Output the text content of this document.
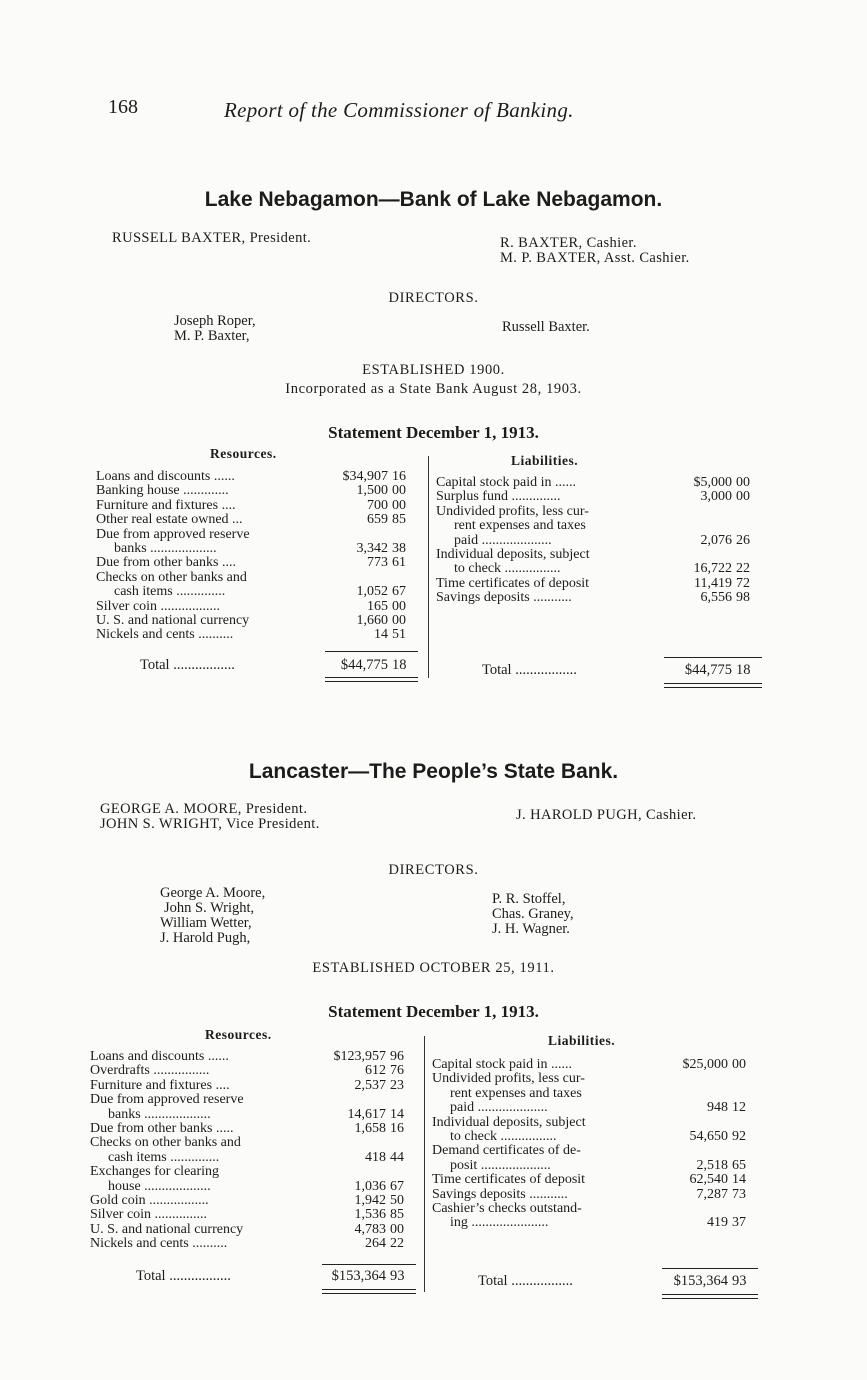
168	Report of the Commissioner of Banking.
Lake Nebagamon—Bank of Lake Nebagamon.
RUSSELL BAXTER, President.	R. BAXTER, Cashier.
M. P. BAXTER, Asst. Cashier.
DIRECTORS.
Joseph Roper,
M. P. Baxter,
Russell Baxter.
ESTABLISHED 1900.
Incorporated as a State Bank August 28, 1903.
Statement December 1, 1913.
Resources.	Liabilities.
Loans and discounts ......	$34,907 16
Banking house .............	1,500 00
Furniture and fixtures ....	700 00
Other real estate owned ...	659 85
Due from approved reserve
banks ...................	3,342 38
Due from other banks ....	773 61
Checks on other banks and
cash items ..............	1,052 67
Silver coin .................	165 00
U. S. and national currency	1,660 00
Nickels and cents ..........	14 51
Capital stock paid in ......	$5,000 00
Surplus fund ..............	3,000 00
Undivided profits, less cur-
rent expenses and taxes
paid ....................	2,076 26
Individual deposits, subject
to check ................	16,722 22
Time certificates of deposit	11,419 72
Savings deposits ...........	6,556 98
Total .................	$44,775 18	Total .................	$44,775 18
Lancaster—The People’s State Bank.
GEORGE A. MOORE, President.
JOHN S. WRIGHT, Vice President.
J. HAROLD PUGH, Cashier.
DIRECTORS.
George A. Moore,
John S. Wright,
William Wetter,
J. Harold Pugh,
P. R. Stoffel,
Chas. Graney,
J. H. Wagner.
ESTABLISHED OCTOBER 25, 1911.
Statement December 1, 1913.
Resources.	Liabilities.
Loans and discounts ......	$123,957 96
Overdrafts ................	612 76
Furniture and fixtures ....	2,537 23
Due from approved reserve
banks ...................	14,617 14
Due from other banks .....	1,658 16
Checks on other banks and
cash items ..............	418 44
Exchanges for clearing
house ...................	1,036 67
Gold coin .................	1,942 50
Silver coin ...............	1,536 85
U. S. and national currency	4,783 00
Nickels and cents ..........	264 22
Capital stock paid in ......	$25,000 00
Undivided profits, less cur-
rent expenses and taxes
paid ....................	948 12
Individual deposits, subject
to check ................	54,650 92
Demand certificates of de-
posit ....................	2,518 65
Time certificates of deposit	62,540 14
Savings deposits ...........	7,287 73
Cashier’s checks outstand-
ing ......................	419 37
Total .................	$153,364 93	Total .................	$153,364 93
